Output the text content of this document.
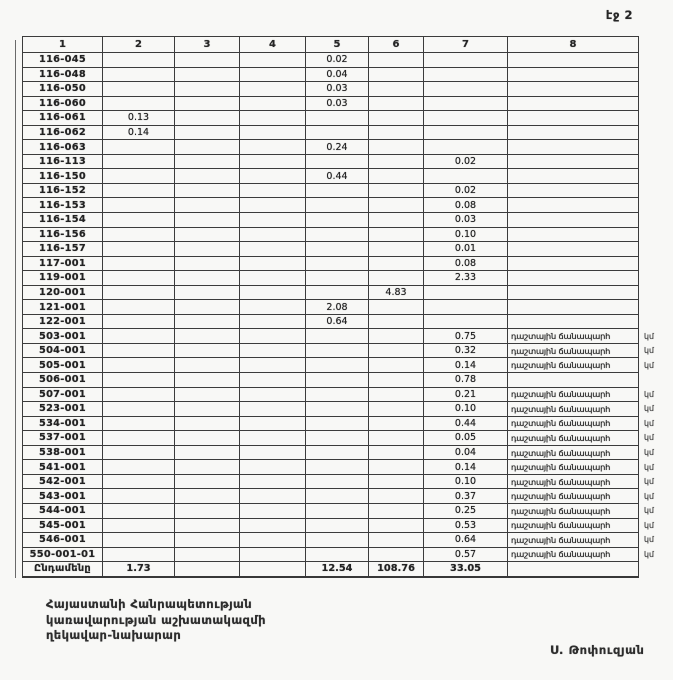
էջ 2
1	2	3	4	5	6	7	8	
116-045				0.02				
116-048				0.04				
116-050				0.03				
116-060				0.03				
116-061	0.13							
116-062	0.14							
116-063				0.24				
116-113						0.02		
116-150				0.44				
116-152						0.02		
116-153						0.08		
116-154						0.03		
116-156						0.10		
116-157						0.01		
117-001						0.08		
119-001						2.33		
120-001					4.83			
121-001				2.08				
122-001				0.64				
503-001						0.75	դաշտային ճանապարհ	կմ
504-001						0.32	դաշտային ճանապարհ	կմ
505-001						0.14	դաշտային ճանապարհ	կմ
506-001						0.78		
507-001						0.21	դաշտային ճանապարհ	կմ
523-001						0.10	դաշտային ճանապարհ	կմ
534-001						0.44	դաշտային ճանապարհ	կմ
537-001						0.05	դաշտային ճանապարհ	կմ
538-001						0.04	դաշտային ճանապարհ	կմ
541-001						0.14	դաշտային ճանապարհ	կմ
542-001						0.10	դաշտային ճանապարհ	կմ
543-001						0.37	դաշտային ճանապարհ	կմ
544-001						0.25	դաշտային ճանապարհ	կմ
545-001						0.53	դաշտային ճանապարհ	կմ
546-001						0.64	դաշտային ճանապարհ	կմ
550-001-01						0.57	դաշտային ճանապարհ	կմ
Ընդամենը	1.73			12.54	108.76	33.05		
Հայաստանի Հանրապետության
կառավարության աշխատակազմի
ղեկավար-նախարար
Ս. Թոփուզյան
